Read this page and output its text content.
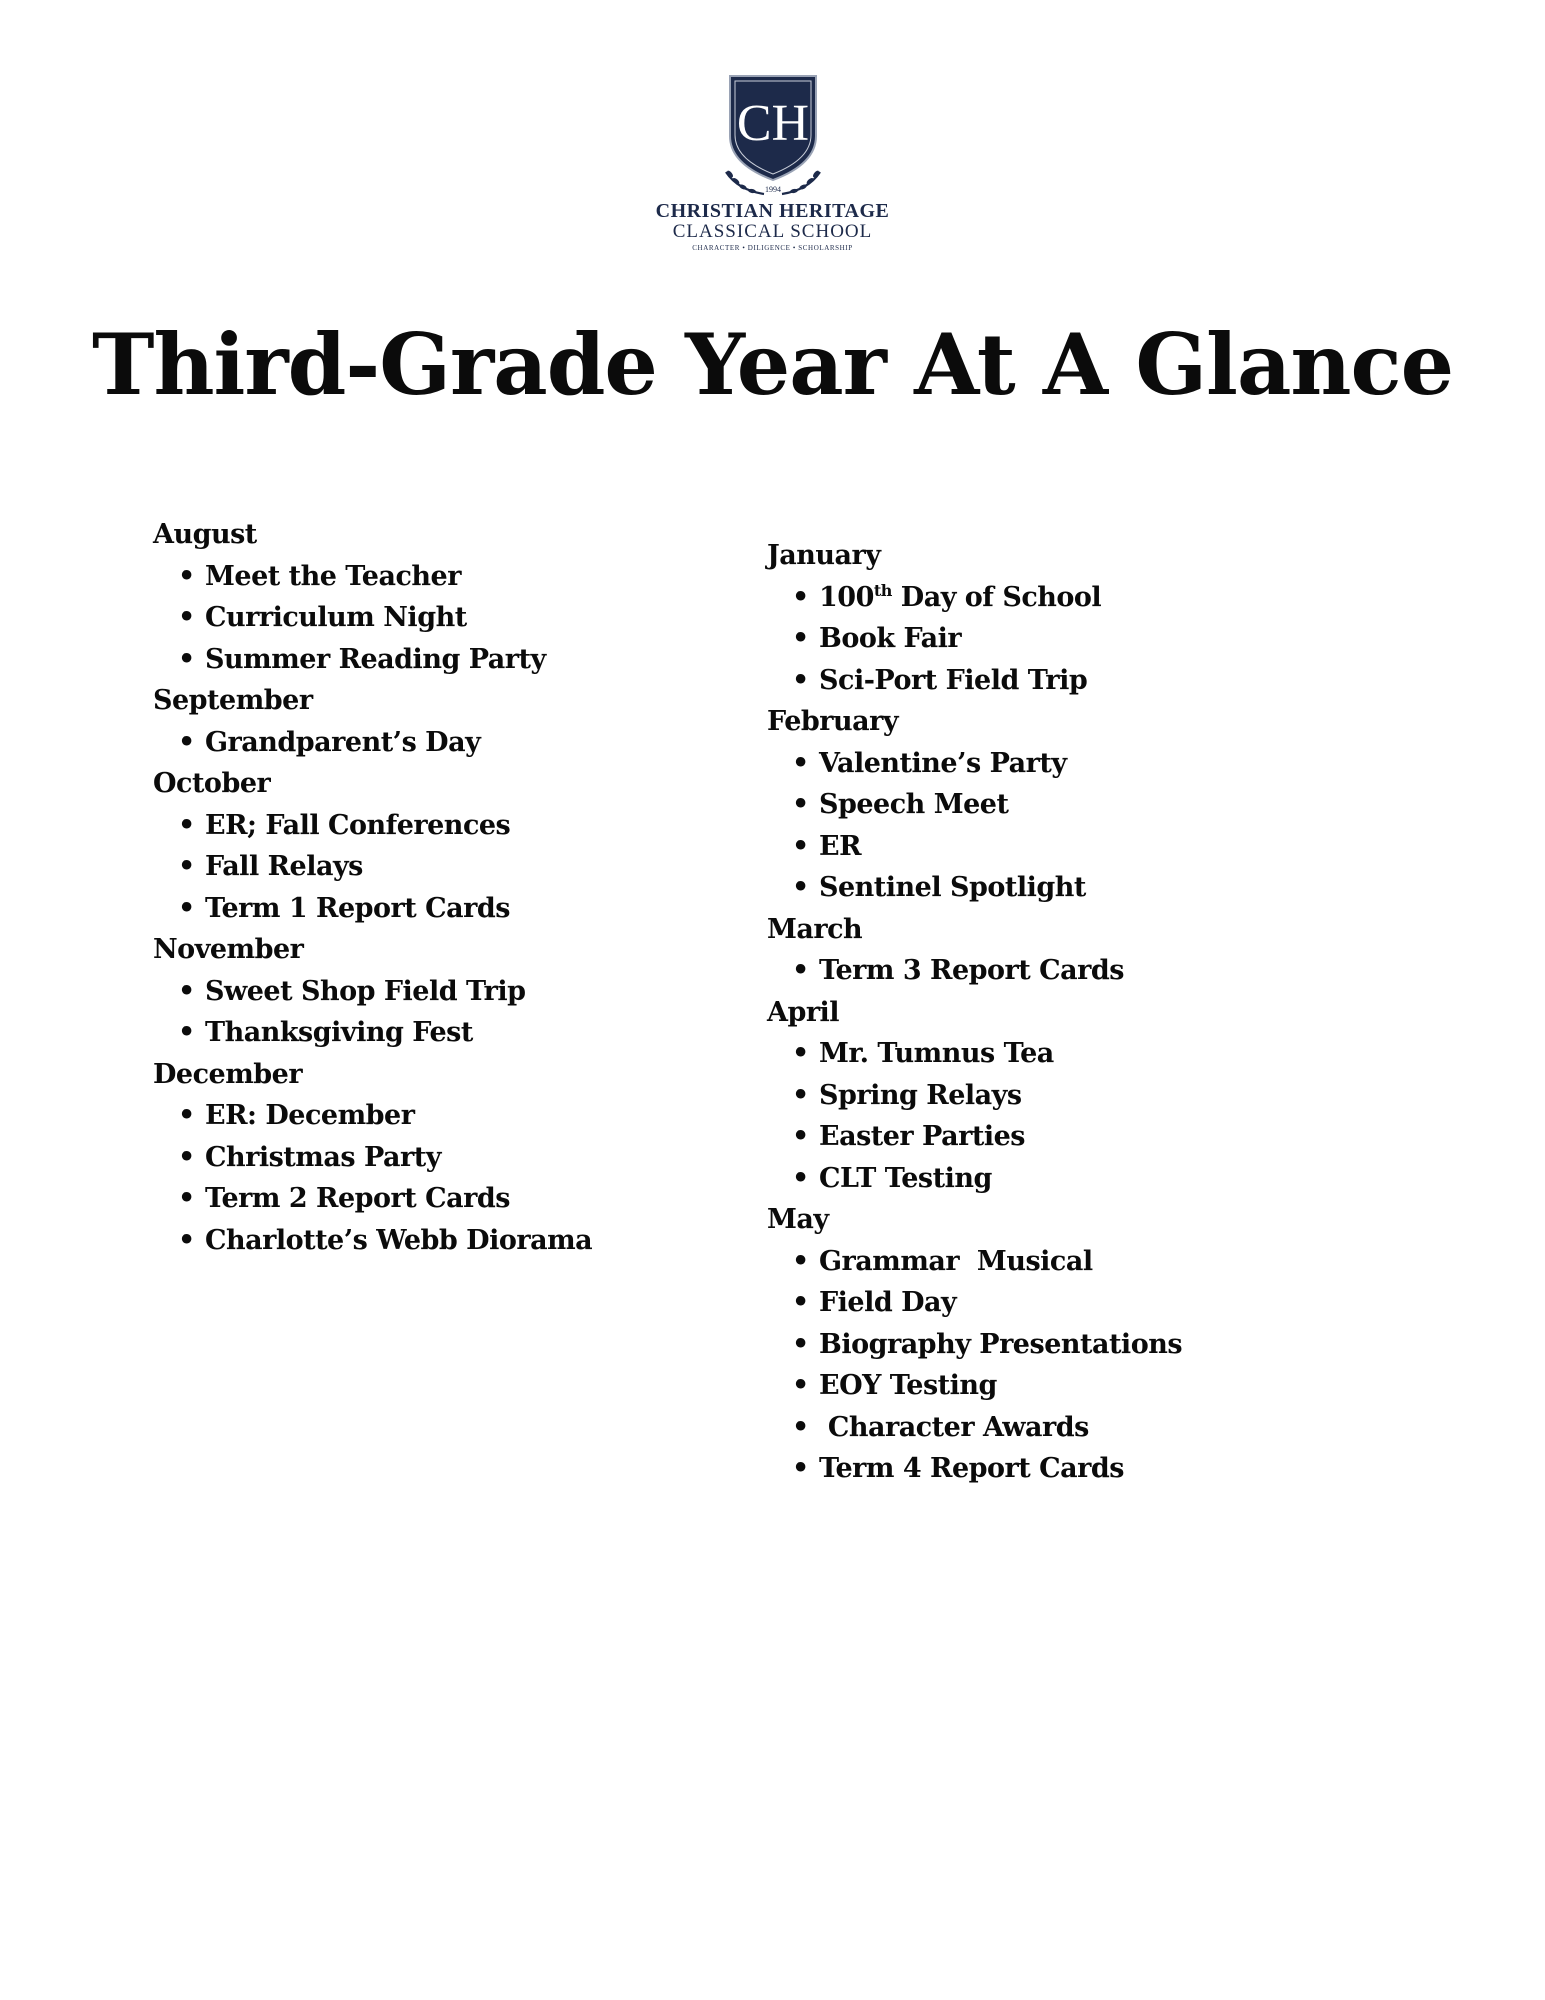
CH
1994
CHRISTIAN HERITAGE
CLASSICAL SCHOOL
CHARACTER • DILIGENCE • SCHOLARSHIP
Third-Grade Year At A Glance
August
• Meet the Teacher
• Curriculum Night
• Summer Reading Party
September
• Grandparent’s Day
October
• ER; Fall Conferences
• Fall Relays
• Term 1 Report Cards
November
• Sweet Shop Field Trip
• Thanksgiving Fest
December
• ER: December
• Christmas Party
• Term 2 Report Cards
• Charlotte’s Webb Diorama
January
• 100th Day of School
• Book Fair
• Sci-Port Field Trip
February
• Valentine’s Party
• Speech Meet
• ER
• Sentinel Spotlight
March
• Term 3 Report Cards
April
• Mr. Tumnus Tea
• Spring Relays
• Easter Parties
• CLT Testing
May
• Grammar  Musical
• Field Day
• Biography Presentations
• EOY Testing
• Character Awards
• Term 4 Report Cards
